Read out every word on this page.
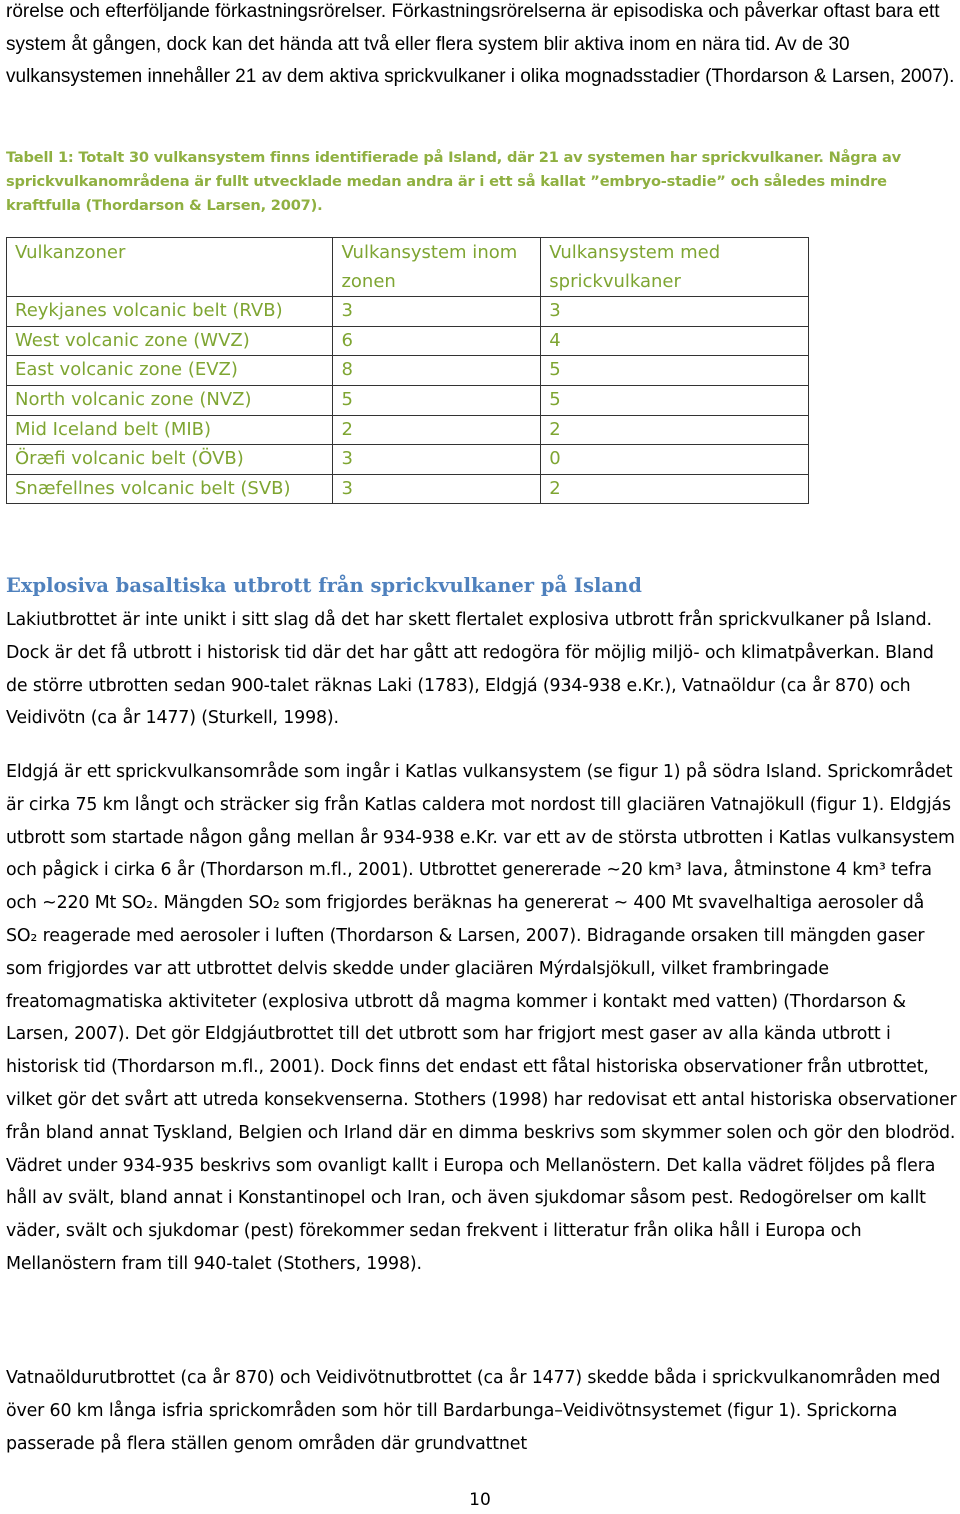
rörelse och efterföljande förkastningsrörelser. Förkastningsrörelserna är episodiska och påverkar oftast bara ett system åt gången, dock kan det hända att två eller flera system blir aktiva inom en nära tid. Av de 30 vulkansystemen innehåller 21 av dem aktiva sprickvulkaner i olika mognadsstadier (Thordarson & Larsen, 2007).

Tabell 1: Totalt 30 vulkansystem finns identifierade på Island, där 21 av systemen har sprickvulkaner. Några av sprickvulkanområdena är fullt utvecklade medan andra är i ett så kallat ”embryo-stadie” och således mindre kraftfulla (Thordarson & Larsen, 2007).

Vulkanzoner	Vulkansystem inom zonen	Vulkansystem med sprickvulkaner
Reykjanes volcanic belt (RVB)	3	3
West volcanic zone (WVZ)	6	4
East volcanic zone (EVZ)	8	5
North volcanic zone (NVZ)	5	5
Mid Iceland belt (MIB)	2	2
Öræfi volcanic belt (ÖVB)	3	0
Snæfellnes volcanic belt (SVB)	3	2
Explosiva basaltiska utbrott från sprickvulkaner på Island

Lakiutbrottet är inte unikt i sitt slag då det har skett flertalet explosiva utbrott från sprickvulkaner på Island. Dock är det få utbrott i historisk tid där det har gått att redogöra för möjlig miljö- och klimatpåverkan. Bland de större utbrotten sedan 900-talet räknas Laki (1783), Eldgjá (934-938 e.Kr.), Vatnaöldur (ca år 870) och Veidivötn (ca år 1477) (Sturkell, 1998).

Eldgjá är ett sprickvulkansområde som ingår i Katlas vulkansystem (se figur 1) på södra Island. Sprickområdet är cirka 75 km långt och sträcker sig från Katlas caldera mot nordost till glaciären Vatnajökull (figur 1). Eldgjás utbrott som startade någon gång mellan år 934-938 e.Kr. var ett av de största utbrotten i Katlas vulkansystem och pågick i cirka 6 år (Thordarson m.fl., 2001). Utbrottet genererade ~20 km³ lava, åtminstone 4 km³ tefra och ~220 Mt SO₂. Mängden SO₂ som frigjordes beräknas ha genererat ~ 400 Mt svavelhaltiga aerosoler då SO₂ reagerade med aerosoler i luften (Thordarson & Larsen, 2007). Bidragande orsaken till mängden gaser som frigjordes var att utbrottet delvis skedde under glaciären Mýrdalsjökull, vilket frambringade freatomagmatiska aktiviteter (explosiva utbrott då magma kommer i kontakt med vatten) (Thordarson & Larsen, 2007). Det gör Eldgjáutbrottet till det utbrott som har frigjort mest gaser av alla kända utbrott i historisk tid (Thordarson m.fl., 2001). Dock finns det endast ett fåtal historiska observationer från utbrottet, vilket gör det svårt att utreda konsekvenserna. Stothers (1998) har redovisat ett antal historiska observationer från bland annat Tyskland, Belgien och Irland där en dimma beskrivs som skymmer solen och gör den blodröd. Vädret under 934-935 beskrivs som ovanligt kallt i Europa och Mellanöstern. Det kalla vädret följdes på flera håll av svält, bland annat i Konstantinopel och Iran, och även sjukdomar såsom pest. Redogörelser om kallt väder, svält och sjukdomar (pest) förekommer sedan frekvent i litteratur från olika håll i Europa och Mellanöstern fram till 940-talet (Stothers, 1998).

Vatnaöldurutbrottet (ca år 870) och Veidivötnutbrottet (ca år 1477) skedde båda i sprickvulkanområden med över 60 km långa isfria sprickområden som hör till Bardarbunga–Veidivötnsystemet (figur 1). Sprickorna passerade på flera ställen genom områden där grundvattnet

10
